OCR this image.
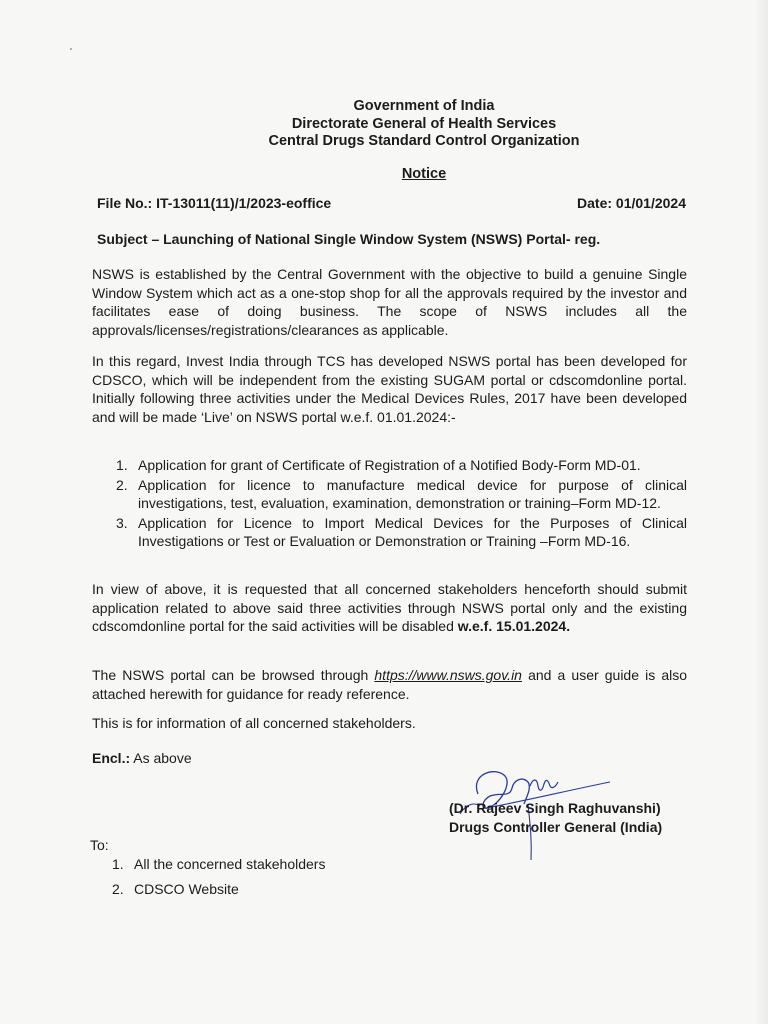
Government of India
Directorate General of Health Services
Central Drugs Standard Control Organization
Notice
File No.: IT-13011(11)/1/2023-eoffice	Date: 01/01/2024
Subject – Launching of National Single Window System (NSWS) Portal- reg.
NSWS is established by the Central Government with the objective to build a genuine Single Window System which act as a one-stop shop for all the approvals required by the investor and facilitates ease of doing business. The scope of NSWS includes all the approvals/licenses/registrations/clearances as applicable.
In this regard, Invest India through TCS has developed NSWS portal has been developed for CDSCO, which will be independent from the existing SUGAM portal or cdscomdonline portal. Initially following three activities under the Medical Devices Rules, 2017 have been developed and will be made ‘Live’ on NSWS portal w.e.f. 01.01.2024:-
1. Application for grant of Certificate of Registration of a Notified Body-Form MD-01.
2. Application for licence to manufacture medical device for purpose of clinical investigations, test, evaluation, examination, demonstration or training–Form MD-12.
3. Application for Licence to Import Medical Devices for the Purposes of Clinical Investigations or Test or Evaluation or Demonstration or Training –Form MD-16.
In view of above, it is requested that all concerned stakeholders henceforth should submit application related to above said three activities through NSWS portal only and the existing cdscomdonline portal for the said activities will be disabled w.e.f. 15.01.2024.
The NSWS portal can be browsed through https://www.nsws.gov.in and a user guide is also attached herewith for guidance for ready reference.
This is for information of all concerned stakeholders.
Encl.: As above
(Dr. Rajeev Singh Raghuvanshi)
Drugs Controller General (India)
To:
1. All the concerned stakeholders
2. CDSCO Website
